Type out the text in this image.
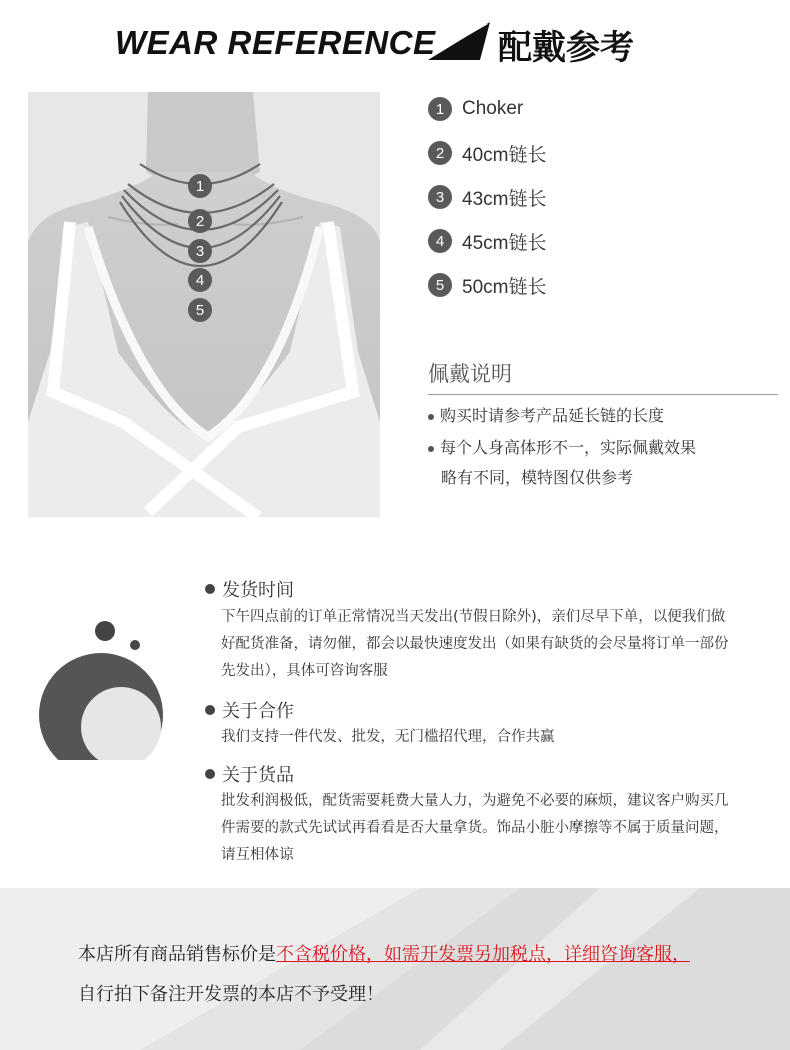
WEAR REFERENCE 配戴参考
1
2
3
4
5
1 Choker
2 40cm链长
3 43cm链长
4 45cm链长
5 50cm链长
佩戴说明
购买时请参考产品延长链的长度
每个人身高体形不一，实际佩戴效果
略有不同，模特图仅供参考
发货时间
下午四点前的订单正常情况当天发出(节假日除外)，亲们尽早下单，以便我们做
好配货准备，请勿催，都会以最快速度发出（如果有缺货的会尽量将订单一部份
先发出），具体可咨询客服
关于合作
我们支持一件代发、批发，无门槛招代理，合作共赢
关于货品
批发利润极低，配货需要耗费大量人力，为避免不必要的麻烦，建议客户购买几
件需要的款式先试试再看看是否大量拿货。饰品小脏小摩擦等不属于质量问题，
请互相体谅
本店所有商品销售标价是不含税价格，如需开发票另加税点，详细咨询客服，
自行拍下备注开发票的本店不予受理！
